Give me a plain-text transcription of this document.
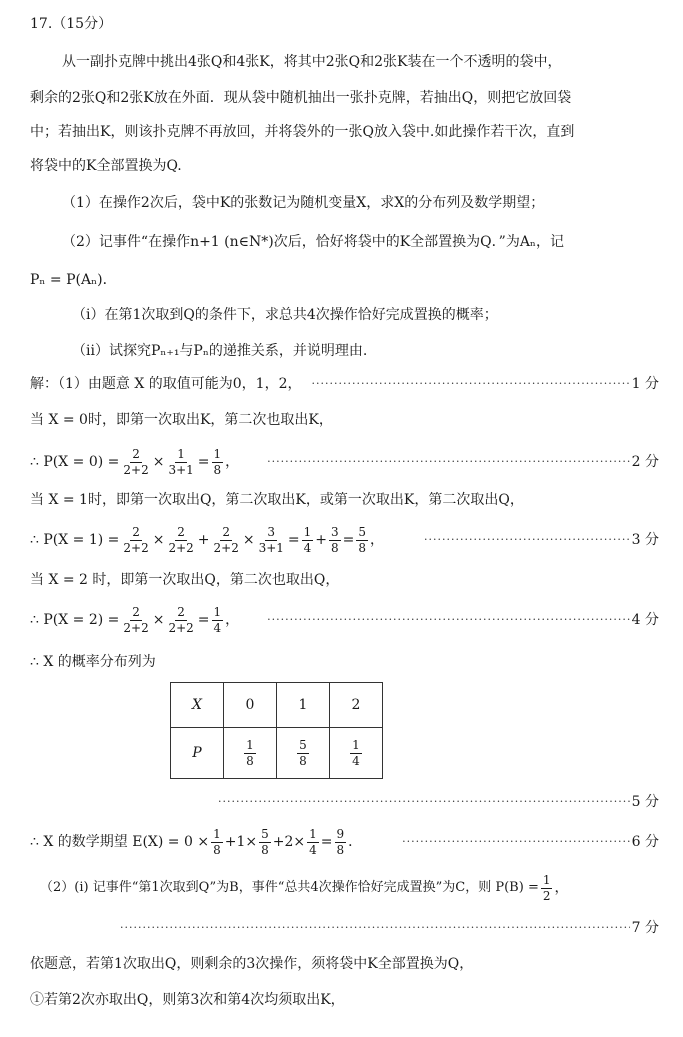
17.（15分）
从一副扑克牌中挑出4张Q和4张K，将其中2张Q和2张K装在一个不透明的袋中，
剩余的2张Q和2张K放在外面．现从袋中随机抽出一张扑克牌，若抽出Q，则把它放回袋
中；若抽出K，则该扑克牌不再放回，并将袋外的一张Q放入袋中.如此操作若干次，直到
将袋中的K全部置换为Q.
（1）在操作2次后，袋中K的张数记为随机变量X，求X的分布列及数学期望；
（2）记事件“在操作n+1 (n∈N*)次后，恰好将袋中的K全部置换为Q．”为Aₙ，记
Pₙ = P(Aₙ)．
（i）在第1次取到Q的条件下，求总共4次操作恰好完成置换的概率；
（ii）试探究Pₙ₊₁与Pₙ的递推关系，并说明理由.
解：（1）由题意 X 的取值可能为0，1，2， ·····	1 分
当 X = 0时，即第一次取出K，第二次也取出K，
∴ $P(X = 0) = \frac{2}{2+2} \times \frac{1}{3+1} = \frac{1}{8}$ ， ·····	2 分
当 X = 1时，即第一次取出Q，第二次取出K，或第一次取出K，第二次取出Q，
∴ $P(X = 1) = \frac{2}{2+2} \times \frac{2}{2+2} + \frac{2}{2+2} \times \frac{3}{3+1} = \frac{1}{4} + \frac{3}{8} = \frac{5}{8}$ ， ·····	3 分
当 X = 2 时，即第一次取出Q，第二次也取出Q，
∴ $P(X = 2) = \frac{2}{2+2} \times \frac{2}{2+2} = \frac{1}{4}$ ， ·····	4 分
∴ X 的概率分布列为
X	0	1	2
P	$\frac{1}{8}$	$\frac{5}{8}$	$\frac{1}{4}$
·····
5 分
∴ X 的数学期望 $E(X) = 0 \times \frac{1}{8} + 1 \times \frac{5}{8} + 2 \times \frac{1}{4} = \frac{9}{8}$ ． ·····	6 分
（2）(i) 记事件“第1次取到Q”为B，事件“总共4次操作恰好完成置换”为C，则 $P(B) = \frac{1}{2}$ ，
·····
7 分
依题意，若第1次取出Q，则剩余的3次操作，须将袋中K全部置换为Q，
①若第2次亦取出Q，则第3次和第4次均须取出K，
